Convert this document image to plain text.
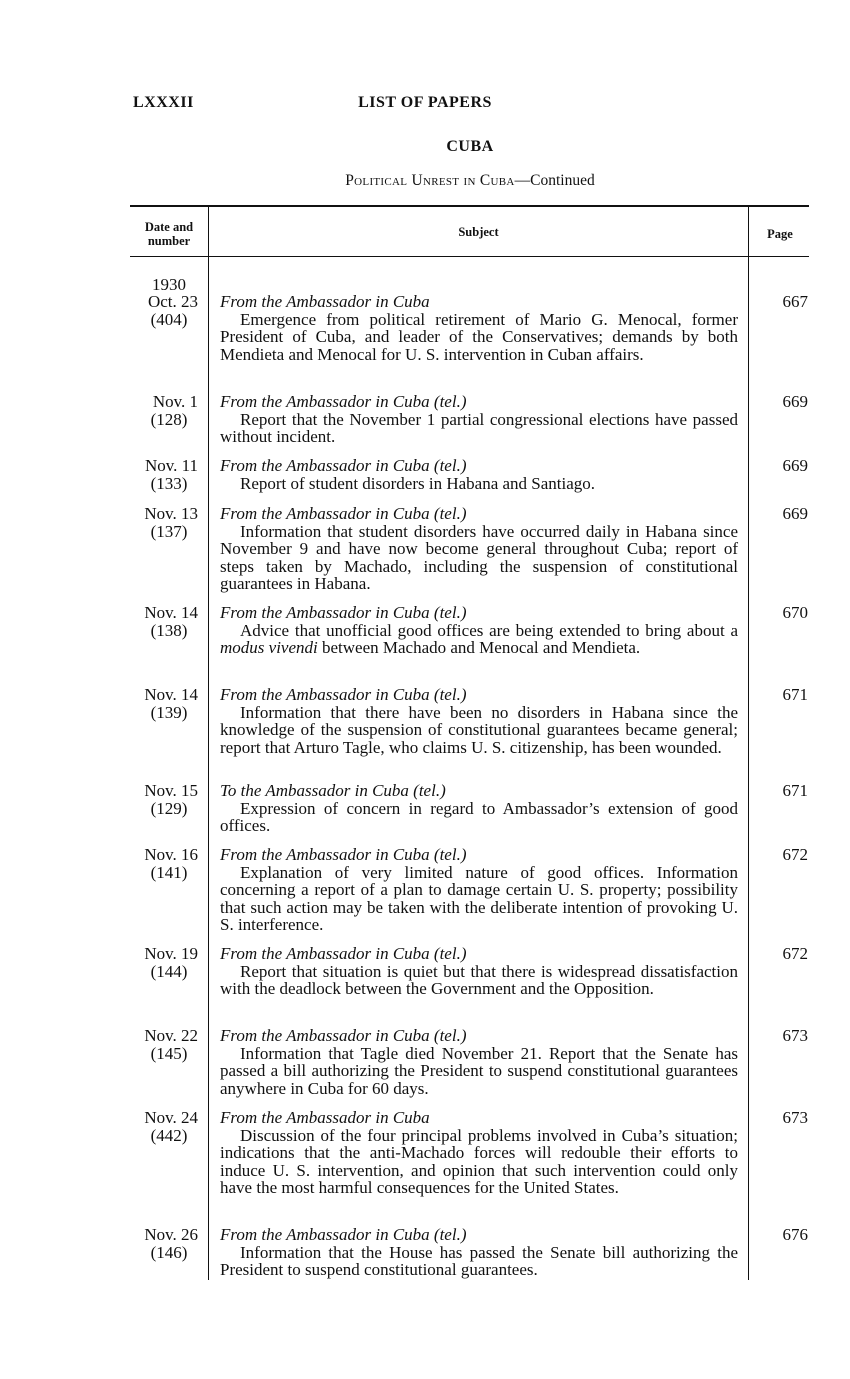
LXXXII	LIST OF PAPERS
CUBA
Political Unrest in Cuba—Continued
Date and number
Subject	Page
1930
Oct. 23
(404)
From the Ambassador in Cuba
Emergence from political retirement of Mario G. Menocal, former President of Cuba, and leader of the Conservatives; demands by both Mendieta and Menocal for U. S. intervention in Cuban affairs.
667
Nov. 1
(128)
From the Ambassador in Cuba (tel.)
Report that the November 1 partial congressional elections have passed without incident.
669
Nov. 11
(133)
From the Ambassador in Cuba (tel.)
Report of student disorders in Habana and Santiago.
669
Nov. 13
(137)
From the Ambassador in Cuba (tel.)
Information that student disorders have occurred daily in Habana since November 9 and have now become general throughout Cuba; report of steps taken by Machado, including the suspension of constitutional guarantees in Habana.
669
Nov. 14
(138)
From the Ambassador in Cuba (tel.)
Advice that unofficial good offices are being extended to bring about a modus vivendi between Machado and Menocal and Mendieta.
670
Nov. 14
(139)
From the Ambassador in Cuba (tel.)
Information that there have been no disorders in Habana since the knowledge of the suspension of constitutional guarantees became general; report that Arturo Tagle, who claims U. S. citizenship, has been wounded.
671
Nov. 15
(129)
To the Ambassador in Cuba (tel.)
Expression of concern in regard to Ambassador’s extension of good offices.
671
Nov. 16
(141)
From the Ambassador in Cuba (tel.)
Explanation of very limited nature of good offices. Information concerning a report of a plan to damage certain U. S. property; possibility that such action may be taken with the deliberate intention of provoking U. S. interference.
672
Nov. 19
(144)
From the Ambassador in Cuba (tel.)
Report that situation is quiet but that there is widespread dissatisfaction with the deadlock between the Government and the Opposition.
672
Nov. 22
(145)
From the Ambassador in Cuba (tel.)
Information that Tagle died November 21. Report that the Senate has passed a bill authorizing the President to suspend constitutional guarantees anywhere in Cuba for 60 days.
673
Nov. 24
(442)
From the Ambassador in Cuba
Discussion of the four principal problems involved in Cuba’s situation; indications that the anti-Machado forces will redouble their efforts to induce U. S. intervention, and opinion that such intervention could only have the most harmful consequences for the United States.
673
Nov. 26
(146)
From the Ambassador in Cuba (tel.)
Information that the House has passed the Senate bill authorizing the President to suspend constitutional guarantees.
676
